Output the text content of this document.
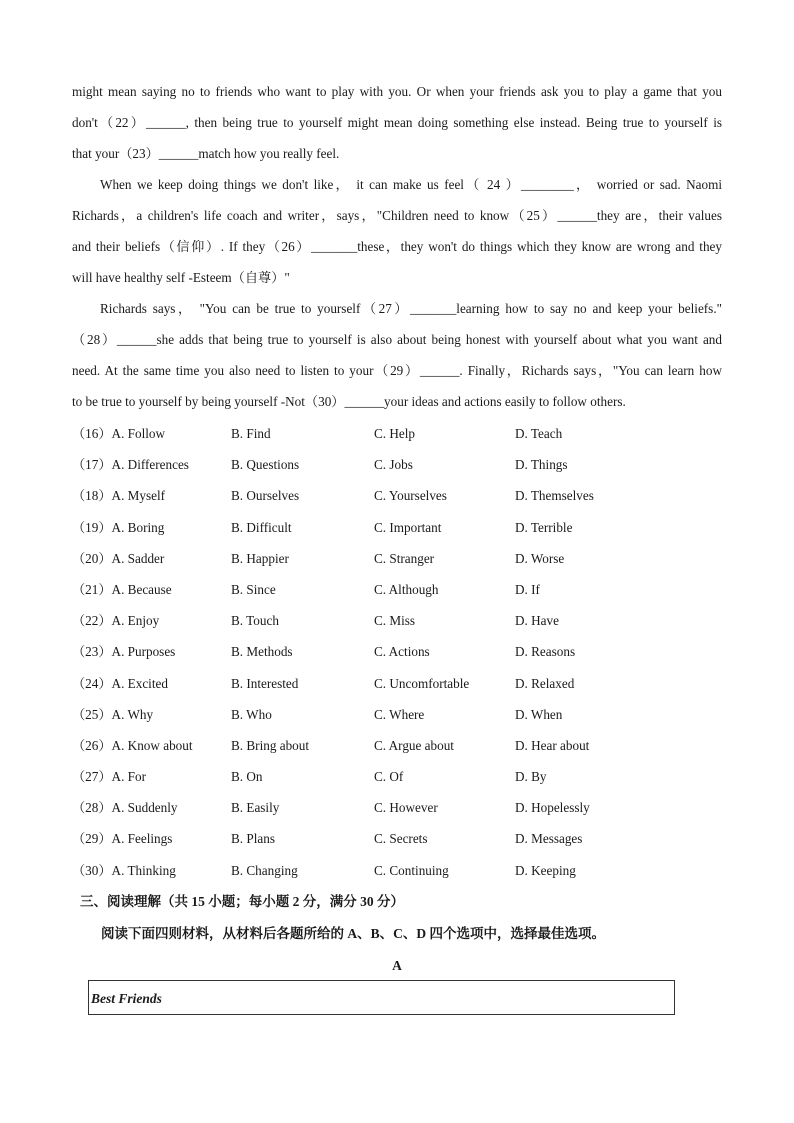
might mean saying no to friends who want to play with you. Or when your friends ask you to play a game that you
don't（22）______, then being true to yourself might mean doing something else instead. Being true to yourself is
that your（23）______match how you really feel.
When we keep doing things we don't like， it can make us feel（ 24 ）________， worried or sad. Naomi
Richards，a children's life coach and writer，says，"Children need to know（25）______they are，their values
and their beliefs（信仰）. If they（26）_______these，they won't do things which they know are wrong and they
will have healthy self -Esteem（自尊）"
Richards says， "You can be true to yourself（27）_______learning how to say no and keep your beliefs."
（28）______she adds that being true to yourself is also about being honest with yourself about what you want and
need. At the same time you also need to listen to your（29）______. Finally，Richards says，"You can learn how
to be true to yourself by being yourself -Not（30）______your ideas and actions easily to follow others.
（16）A. Follow	B. Find	C. Help	D. Teach
（17）A. Differences	B. Questions	C. Jobs	D. Things
（18）A. Myself	B. Ourselves	C. Yourselves	D. Themselves
（19）A. Boring	B. Difficult	C. Important	D. Terrible
（20）A. Sadder	B. Happier	C. Stranger	D. Worse
（21）A. Because	B. Since	C. Although	D. If
（22）A. Enjoy	B. Touch	C. Miss	D. Have
（23）A. Purposes	B. Methods	C. Actions	D. Reasons
（24）A. Excited	B. Interested	C. Uncomfortable	D. Relaxed
（25）A. Why	B. Who	C. Where	D. When
（26）A. Know about	B. Bring about	C. Argue about	D. Hear about
（27）A. For	B. On	C. Of	D. By
（28）A. Suddenly	B. Easily	C. However	D. Hopelessly
（29）A. Feelings	B. Plans	C. Secrets	D. Messages
（30）A. Thinking	B. Changing	C. Continuing	D. Keeping
三、阅读理解（共 15 小题；每小题 2 分，满分 30 分）
阅读下面四则材料，从材料后各题所给的 A、B、C、D 四个选项中，选择最佳选项。
A
Best Friends
